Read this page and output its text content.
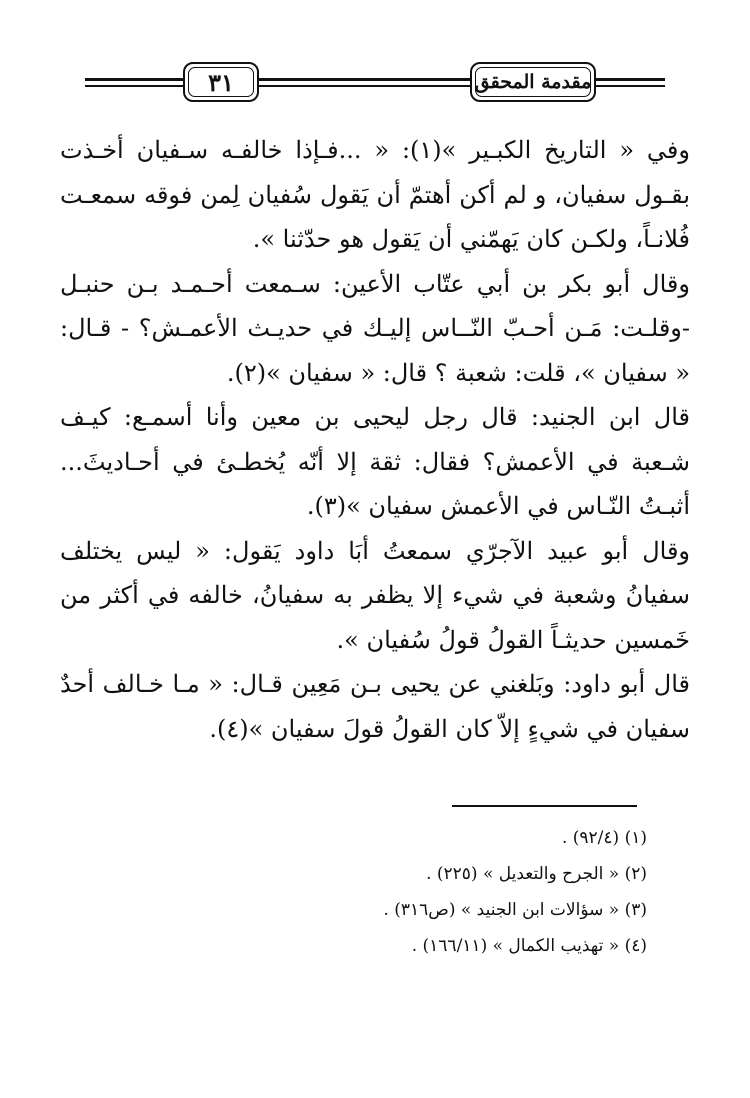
٣١	مقدمة المحقق

وفي « التاريخ الكبـير »(١): « ...فـإذا خالفـه سـفيان أخـذت بقـول سفيان، و لم أكن أهتمّ أن يَقول سُفيان لِمن فوقه سمعـت فُلانـاً، ولكـن كان يَهمّني أن يَقول هو حدّثنا ».

وقال أبو بكر بن أبي عتّاب الأعين: سـمعت أحـمـد بـن حنبـل -وقلـت: مَـن أحـبّ النّــاس إليـك في حديـث الأعمـش؟ - قـال: « سفيان »، قلت: شعبة ؟ قال: « سفيان »(٢).

قال ابن الجنيد: قال رجل ليحيى بن معين وأنا أسمـع: كيـف شـعبة في الأعمش؟ فقال: ثقة إلا أنّه يُخطـئ في أحـاديثَ... أثبـتُ النّـاس في الأعمش سفيان »(٣).

وقال أبو عبيد الآجرّي سمعتُ أبَا داود يَقول: « ليس يختلف سفيانُ وشعبة في شيء إلا يظفر به سفيانُ، خالفه في أكثر من خَمسين حديثـاً القولُ قولُ سُفيان ».

قال أبو داود: وبَلغني عن يحيى بـن مَعِين قـال: « مـا خـالف أحدٌ سفيان في شيءٍ إلاّ كان القولُ قولَ سفيان »(٤).

(١) (٩٢/٤) .

(٢) « الجرح والتعديل » (٢٢٥) .

(٣) « سؤالات ابن الجنيد » (ص٣١٦) .

(٤) « تهذيب الكمال » (١٦٦/١١) .
